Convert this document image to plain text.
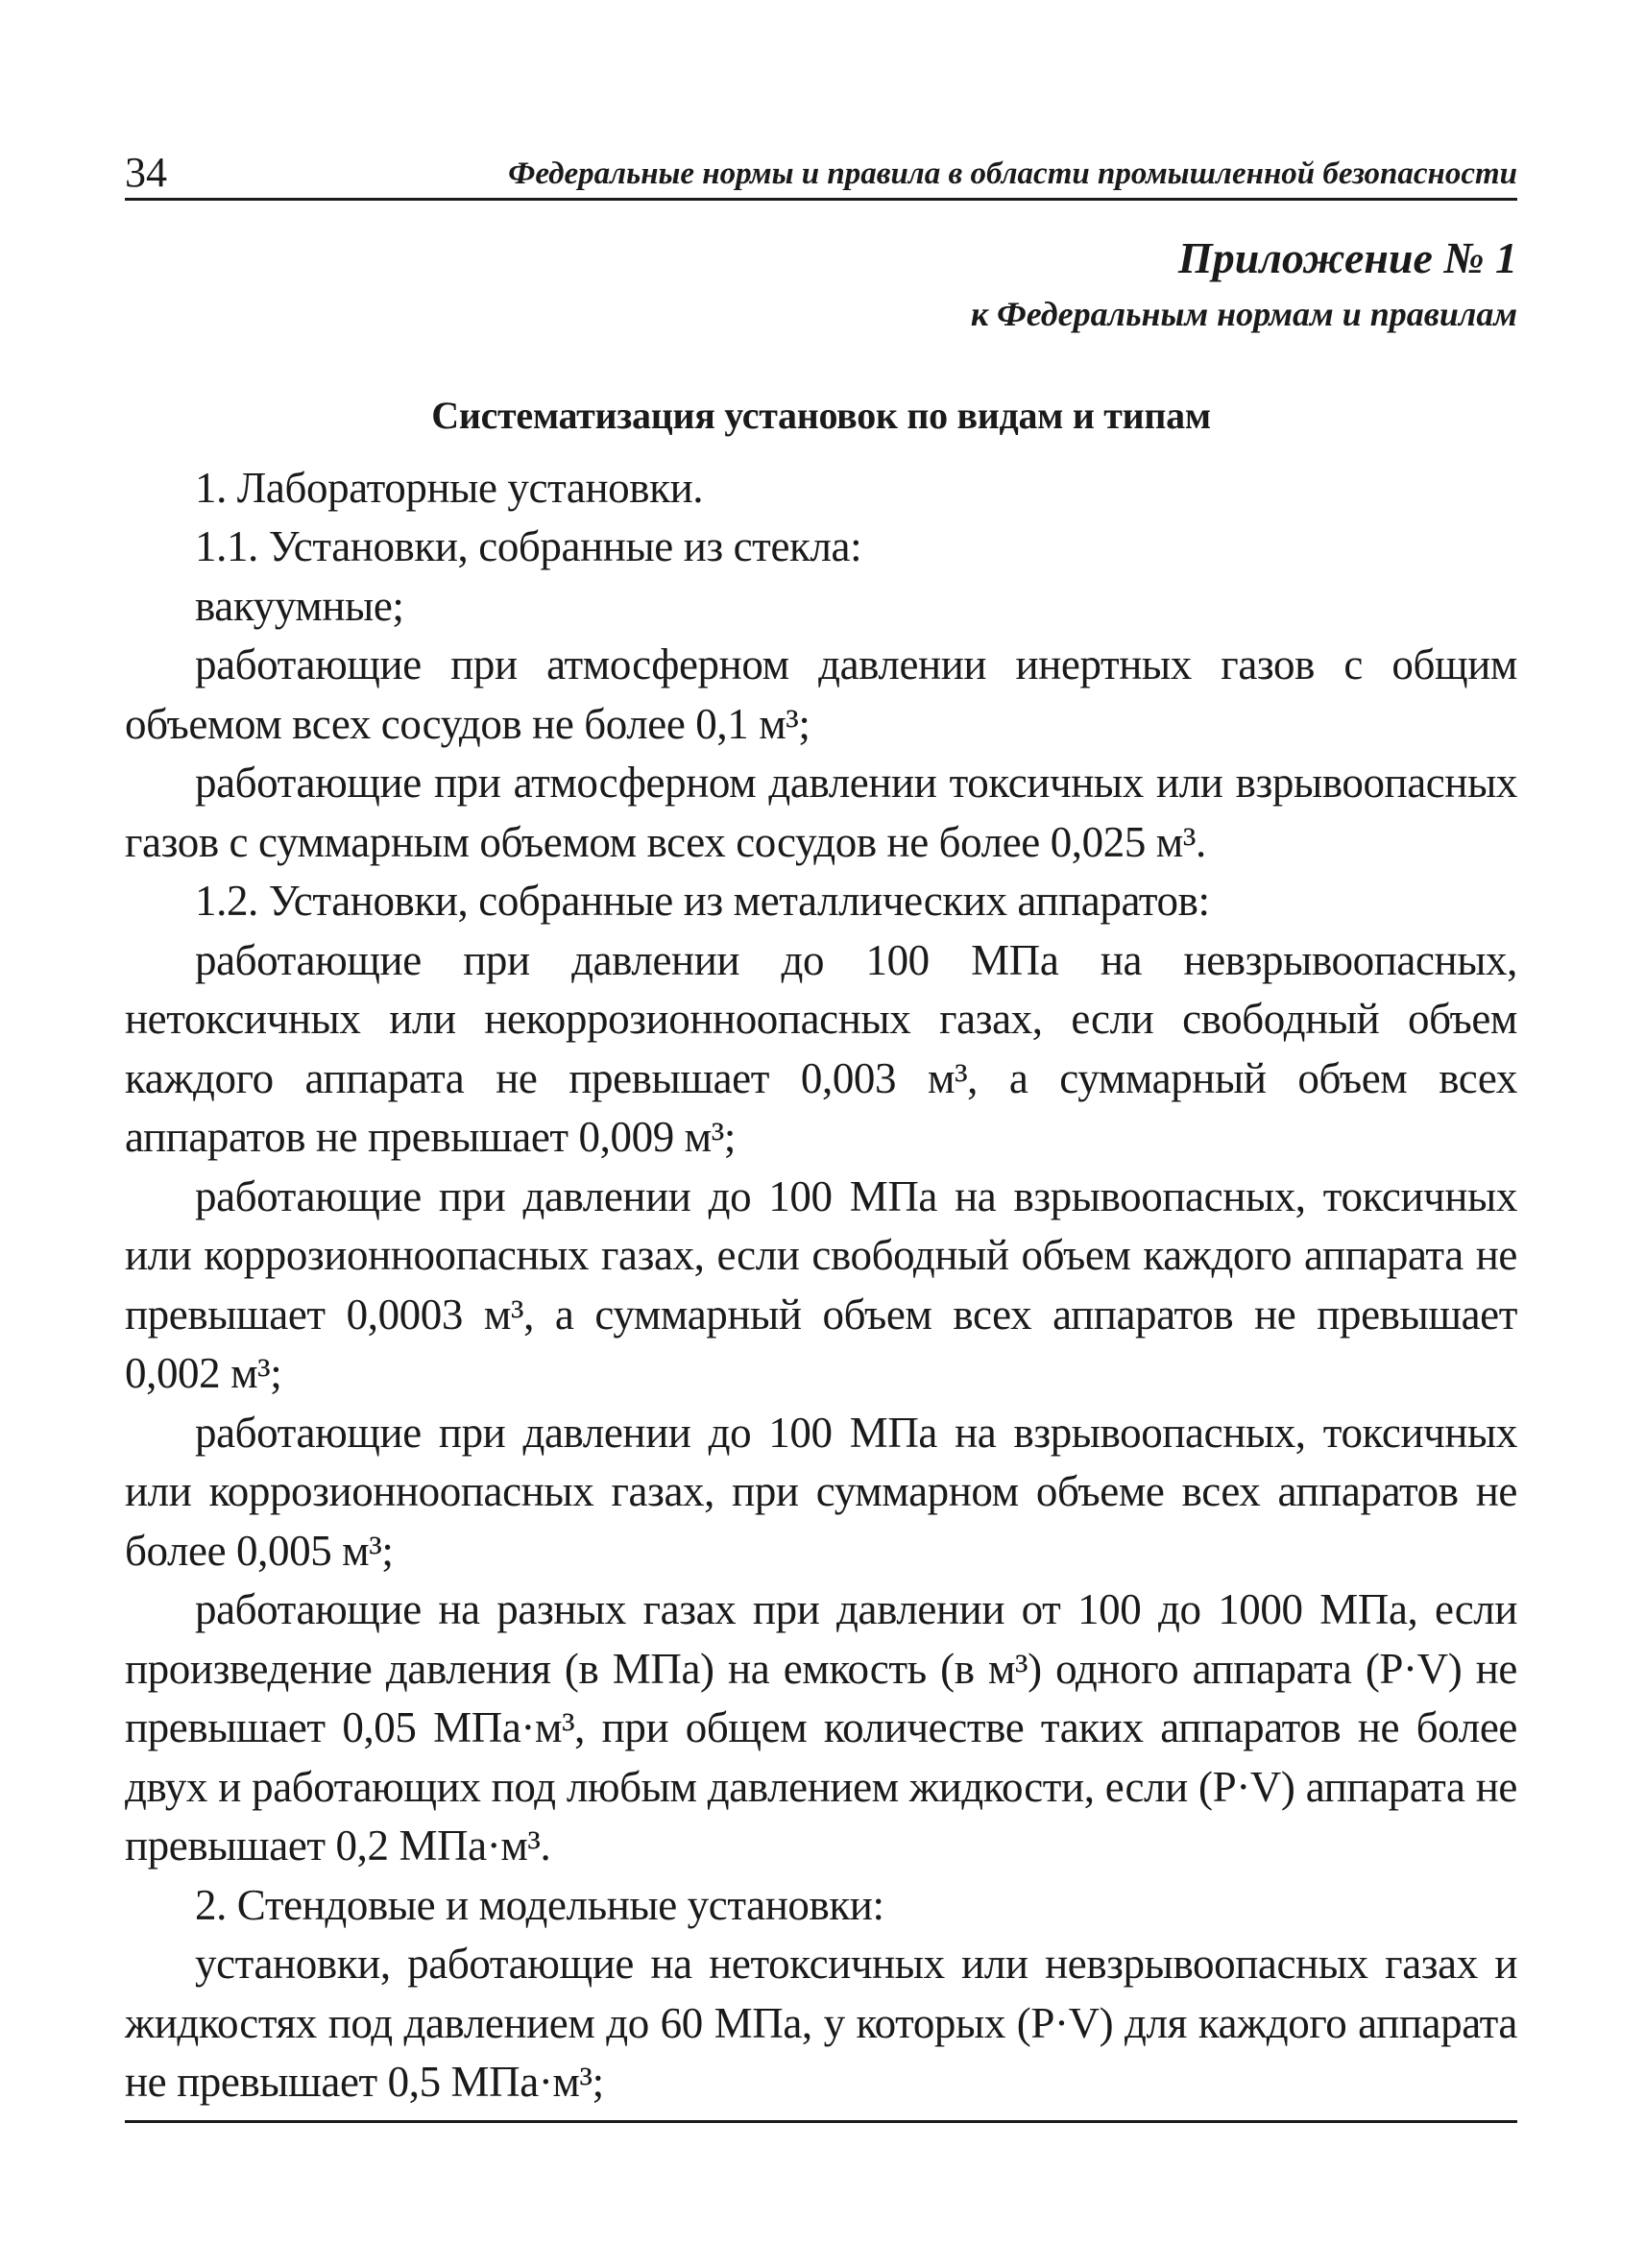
34	Федеральные нормы и правила в области промышленной безопасности
Приложение № 1
к Федеральным нормам и правилам
Систематизация установок по видам и типам

1. Лабораторные установки.

1.1. Установки, собранные из стекла:

вакуумные;

работающие при атмосферном давлении инертных газов с общим объемом всех сосудов не более 0,1 м³;

работающие при атмосферном давлении токсичных или взрывоопасных газов с суммарным объемом всех сосудов не более 0,025 м³.

1.2. Установки, собранные из металлических аппаратов:

работающие при давлении до 100 МПа на невзрывоопасных, нетоксичных или некоррозионноопасных газах, если свободный объем каждого аппарата не превышает 0,003 м³, а суммарный объем всех аппаратов не превышает 0,009 м³;

работающие при давлении до 100 МПа на взрывоопасных, токсичных или коррозионноопасных газах, если свободный объем каждого аппарата не превышает 0,0003 м³, а суммарный объем всех аппаратов не превышает 0,002 м³;

работающие при давлении до 100 МПа на взрывоопасных, токсичных или коррозионноопасных газах, при суммарном объеме всех аппаратов не более 0,005 м³;

работающие на разных газах при давлении от 100 до 1000 МПа, если произведение давления (в МПа) на емкость (в м³) одного аппарата (P·V) не превышает 0,05 МПа·м³, при общем количестве таких аппаратов не более двух и работающих под любым давлением жидкости, если (P·V) аппарата не превышает 0,2 МПа·м³.

2. Стендовые и модельные установки:

установки, работающие на нетоксичных или невзрывоопасных газах и жидкостях под давлением до 60 МПа, у которых (P·V) для каждого аппарата не превышает 0,5 МПа·м³;
